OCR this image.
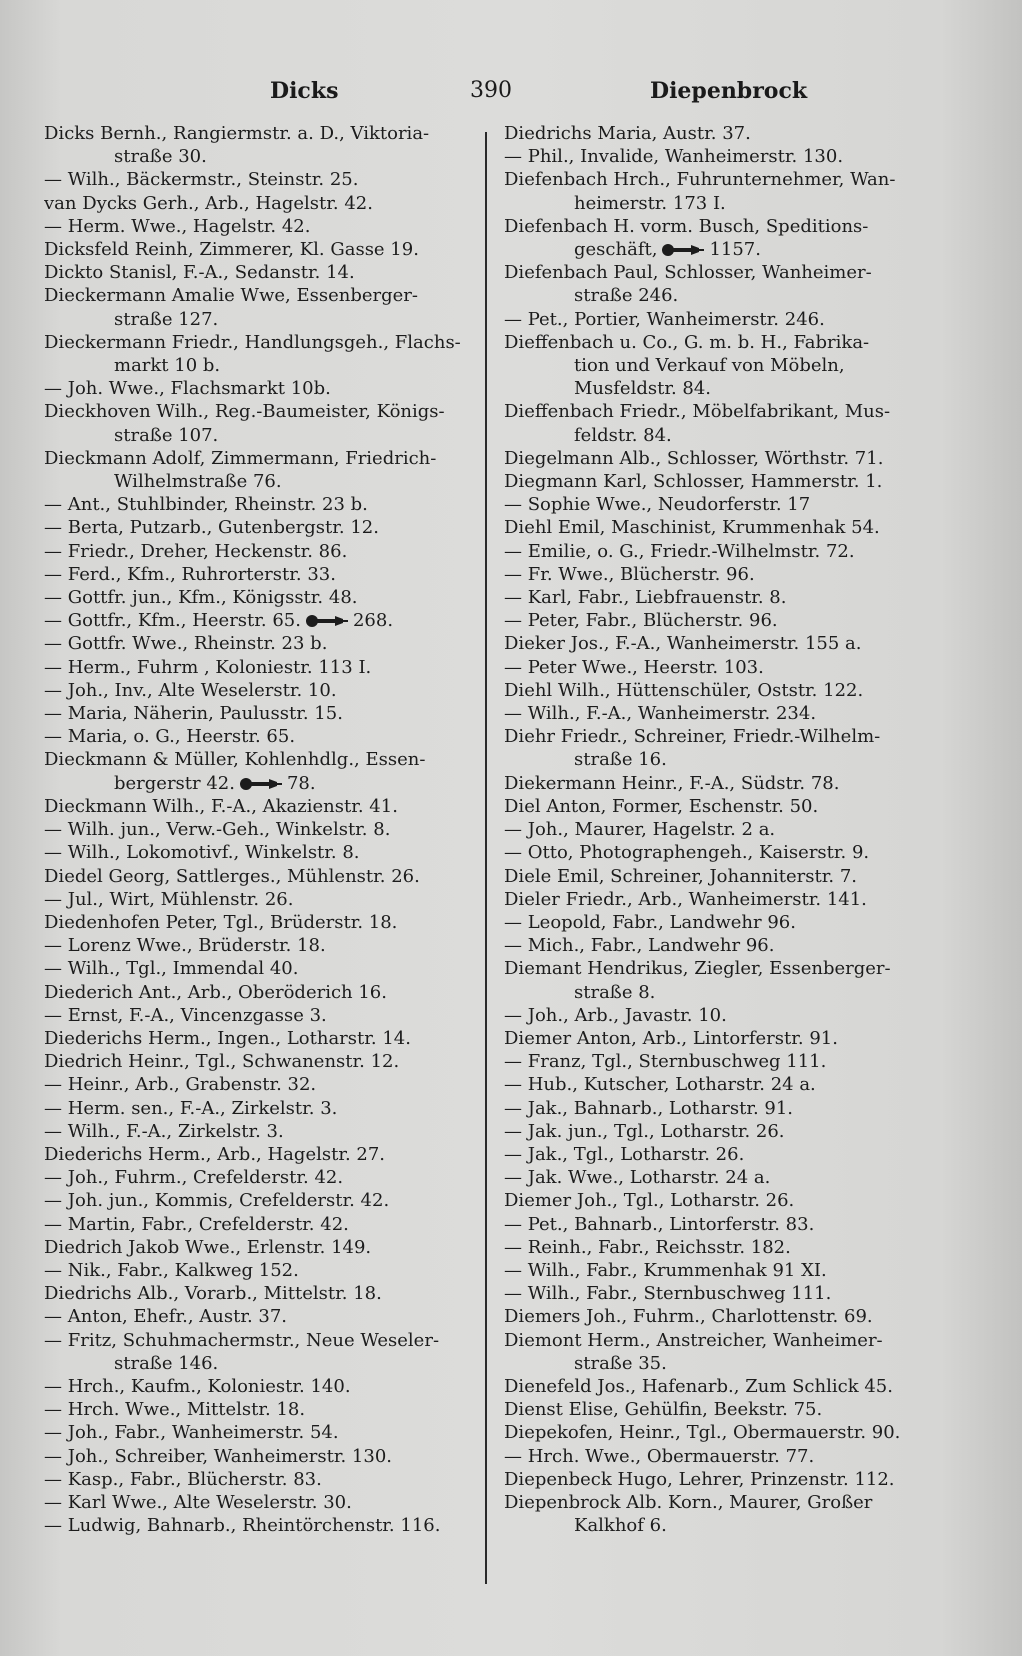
Dicks	390	Diepenbrock
Dicks Bernh., Rangiermstr. a. D., Viktoria-
straße 30.
— Wilh., Bäckermstr., Steinstr. 25.
van Dycks Gerh., Arb., Hagelstr. 42.
— Herm. Wwe., Hagelstr. 42.
Dicksfeld Reinh, Zimmerer, Kl. Gasse 19.
Dickto Stanisl, F.-A., Sedanstr. 14.
Dieckermann Amalie Wwe, Essenberger-
straße 127.
Dieckermann Friedr., Handlungsgeh., Flachs-
markt 10 b.
— Joh. Wwe., Flachsmarkt 10b.
Dieckhoven Wilh., Reg.-Baumeister, Königs-
straße 107.
Dieckmann Adolf, Zimmermann, Friedrich-
Wilhelmstraße 76.
— Ant., Stuhlbinder, Rheinstr. 23 b.
— Berta, Putzarb., Gutenbergstr. 12.
— Friedr., Dreher, Heckenstr. 86.
— Ferd., Kfm., Ruhrorterstr. 33.
— Gottfr. jun., Kfm., Königsstr. 48.
— Gottfr., Kfm., Heerstr. 65.	268.
— Gottfr. Wwe., Rheinstr. 23 b.
— Herm., Fuhrm , Koloniestr. 113 I.
— Joh., Inv., Alte Weselerstr. 10.
— Maria, Näherin, Paulusstr. 15.
— Maria, o. G., Heerstr. 65.
Dieckmann & Müller, Kohlenhdlg., Essen-
bergerstr 42.	78.
Dieckmann Wilh., F.-A., Akazienstr. 41.
— Wilh. jun., Verw.-Geh., Winkelstr. 8.
— Wilh., Lokomotivf., Winkelstr. 8.
Diedel Georg, Sattlerges., Mühlenstr. 26.
— Jul., Wirt, Mühlenstr. 26.
Diedenhofen Peter, Tgl., Brüderstr. 18.
— Lorenz Wwe., Brüderstr. 18.
— Wilh., Tgl., Immendal 40.
Diederich Ant., Arb., Oberöderich 16.
— Ernst, F.-A., Vincenzgasse 3.
Diederichs Herm., Ingen., Lotharstr. 14.
Diedrich Heinr., Tgl., Schwanenstr. 12.
— Heinr., Arb., Grabenstr. 32.
— Herm. sen., F.-A., Zirkelstr. 3.
— Wilh., F.-A., Zirkelstr. 3.
Diederichs Herm., Arb., Hagelstr. 27.
— Joh., Fuhrm., Crefelderstr. 42.
— Joh. jun., Kommis, Crefelderstr. 42.
— Martin, Fabr., Crefelderstr. 42.
Diedrich Jakob Wwe., Erlenstr. 149.
— Nik., Fabr., Kalkweg 152.
Diedrichs Alb., Vorarb., Mittelstr. 18.
— Anton, Ehefr., Austr. 37.
— Fritz, Schuhmachermstr., Neue Weseler-
straße 146.
— Hrch., Kaufm., Koloniestr. 140.
— Hrch. Wwe., Mittelstr. 18.
— Joh., Fabr., Wanheimerstr. 54.
— Joh., Schreiber, Wanheimerstr. 130.
— Kasp., Fabr., Blücherstr. 83.
— Karl Wwe., Alte Weselerstr. 30.
— Ludwig, Bahnarb., Rheintörchenstr. 116.
Diedrichs Maria, Austr. 37.
— Phil., Invalide, Wanheimerstr. 130.
Diefenbach Hrch., Fuhrunternehmer, Wan-
heimerstr. 173 I.
Diefenbach H. vorm. Busch, Speditions-
geschäft,	1157.
Diefenbach Paul, Schlosser, Wanheimer-
straße 246.
— Pet., Portier, Wanheimerstr. 246.
Dieffenbach u. Co., G. m. b. H., Fabrika-
tion und Verkauf von Möbeln,
Musfeldstr. 84.
Dieffenbach Friedr., Möbelfabrikant, Mus-
feldstr. 84.
Diegelmann Alb., Schlosser, Wörthstr. 71.
Diegmann Karl, Schlosser, Hammerstr. 1.
— Sophie Wwe., Neudorferstr. 17
Diehl Emil, Maschinist, Krummenhak 54.
— Emilie, o. G., Friedr.-Wilhelmstr. 72.
— Fr. Wwe., Blücherstr. 96.
— Karl, Fabr., Liebfrauenstr. 8.
— Peter, Fabr., Blücherstr. 96.
Dieker Jos., F.-A., Wanheimerstr. 155 a.
— Peter Wwe., Heerstr. 103.
Diehl Wilh., Hüttenschüler, Oststr. 122.
— Wilh., F.-A., Wanheimerstr. 234.
Diehr Friedr., Schreiner, Friedr.-Wilhelm-
straße 16.
Diekermann Heinr., F.-A., Südstr. 78.
Diel Anton, Former, Eschenstr. 50.
— Joh., Maurer, Hagelstr. 2 a.
— Otto, Photographengeh., Kaiserstr. 9.
Diele Emil, Schreiner, Johanniterstr. 7.
Dieler Friedr., Arb., Wanheimerstr. 141.
— Leopold, Fabr., Landwehr 96.
— Mich., Fabr., Landwehr 96.
Diemant Hendrikus, Ziegler, Essenberger-
straße 8.
— Joh., Arb., Javastr. 10.
Diemer Anton, Arb., Lintorferstr. 91.
— Franz, Tgl., Sternbuschweg 111.
— Hub., Kutscher, Lotharstr. 24 a.
— Jak., Bahnarb., Lotharstr. 91.
— Jak. jun., Tgl., Lotharstr. 26.
— Jak., Tgl., Lotharstr. 26.
— Jak. Wwe., Lotharstr. 24 a.
Diemer Joh., Tgl., Lotharstr. 26.
— Pet., Bahnarb., Lintorferstr. 83.
— Reinh., Fabr., Reichsstr. 182.
— Wilh., Fabr., Krummenhak 91 XI.
— Wilh., Fabr., Sternbuschweg 111.
Diemers Joh., Fuhrm., Charlottenstr. 69.
Diemont Herm., Anstreicher, Wanheimer-
straße 35.
Dienefeld Jos., Hafenarb., Zum Schlick 45.
Dienst Elise, Gehülfin, Beekstr. 75.
Diepekofen, Heinr., Tgl., Obermauerstr. 90.
— Hrch. Wwe., Obermauerstr. 77.
Diepenbeck Hugo, Lehrer, Prinzenstr. 112.
Diepenbrock Alb. Korn., Maurer, Großer
Kalkhof 6.
